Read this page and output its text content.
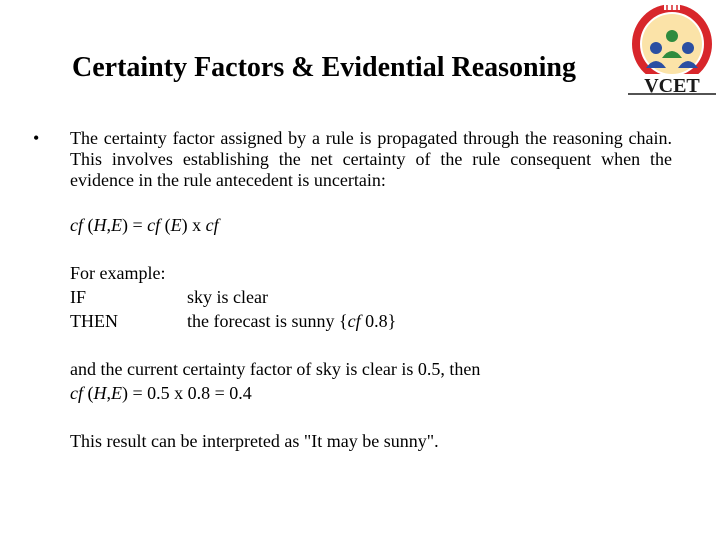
Certainty Factors & Evidential Reasoning
VCET
• The certainty factor assigned by a rule is propagated through the reasoning chain. This involves establishing the net certainty of the rule consequent when the evidence in the rule antecedent is uncertain:
cf (H,E) = cf (E) x cf
For example:
IF	sky is clear
THEN	the forecast is sunny {cf 0.8}
and the current certainty factor of sky is clear is 0.5, then
cf (H,E) = 0.5 x 0.8 = 0.4
This result can be interpreted as "It may be sunny".
